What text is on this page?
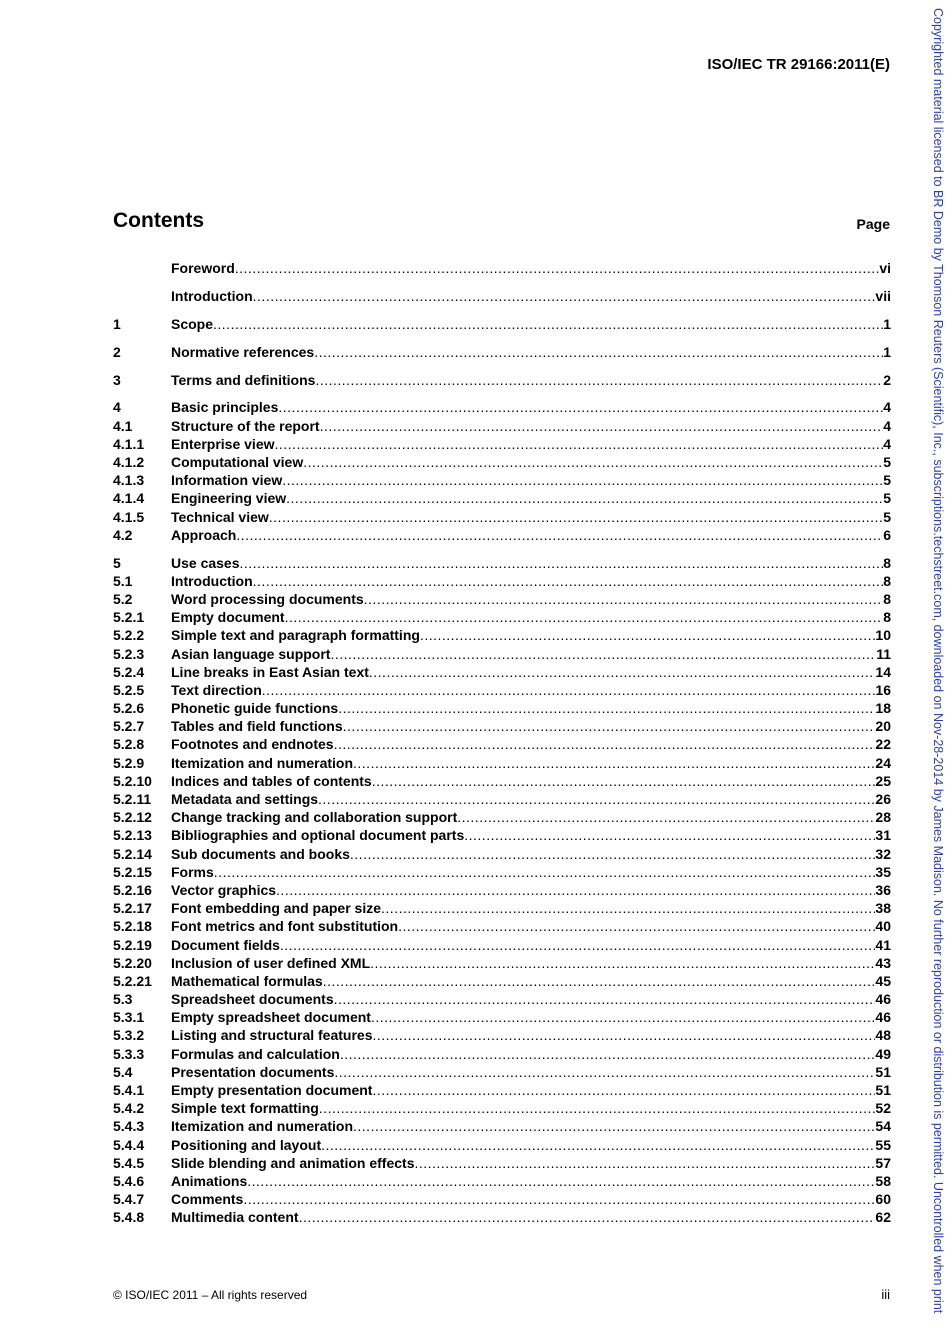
ISO/IEC TR 29166:2011(E)
Contents	Page
Foreword .....	vi
Introduction .....	vii
1	Scope .....	1
2	Normative references .....	1
3	Terms and definitions .....	2
4	Basic principles .....	4
4.1	Structure of the report .....	4
4.1.1	Enterprise view .....	4
4.1.2	Computational view .....	5
4.1.3	Information view .....	5
4.1.4	Engineering view .....	5
4.1.5	Technical view .....	5
4.2	Approach .....	6
5	Use cases .....	8
5.1	Introduction .....	8
5.2	Word processing documents .....	8
5.2.1	Empty document .....	8
5.2.2	Simple text and paragraph formatting .....	10
5.2.3	Asian language support .....	11
5.2.4	Line breaks in East Asian text .....	14
5.2.5	Text direction .....	16
5.2.6	Phonetic guide functions .....	18
5.2.7	Tables and field functions .....	20
5.2.8	Footnotes and endnotes .....	22
5.2.9	Itemization and numeration .....	24
5.2.10	Indices and tables of contents .....	25
5.2.11	Metadata and settings .....	26
5.2.12	Change tracking and collaboration support .....	28
5.2.13	Bibliographies and optional document parts .....	31
5.2.14	Sub documents and books .....	32
5.2.15	Forms .....	35
5.2.16	Vector graphics .....	36
5.2.17	Font embedding and paper size .....	38
5.2.18	Font metrics and font substitution .....	40
5.2.19	Document fields .....	41
5.2.20	Inclusion of user defined XML .....	43
5.2.21	Mathematical formulas .....	45
5.3	Spreadsheet documents .....	46
5.3.1	Empty spreadsheet document .....	46
5.3.2	Listing and structural features .....	48
5.3.3	Formulas and calculation .....	49
5.4	Presentation documents .....	51
5.4.1	Empty presentation document .....	51
5.4.2	Simple text formatting .....	52
5.4.3	Itemization and numeration .....	54
5.4.4	Positioning and layout .....	55
5.4.5	Slide blending and animation effects .....	57
5.4.6	Animations .....	58
5.4.7	Comments .....	60
5.4.8	Multimedia content .....	62
© ISO/IEC 2011 – All rights reserved	iii	Copyrighted material licensed to BR Demo by Thomson Reuters (Scientific), Inc., subscriptions.techstreet.com, downloaded on Nov-28-2014 by James Madison. No further reproduction or distribution is permitted. Uncontrolled when print
